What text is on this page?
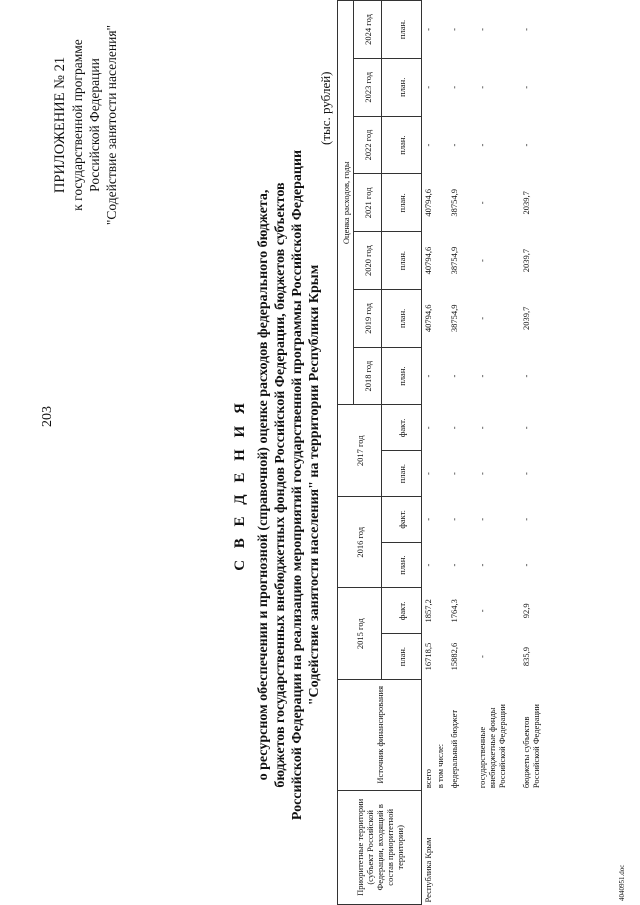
203
ПРИЛОЖЕНИЕ № 21 к государственной программе Российской Федерации "Содействие занятости населения"
С В Е Д Е Н И Я о ресурсном обеспечении и прогнозной (справочной) оценке расходов федерального бюджета, бюджетов государственных внебюджетных фондов Российской Федерации, бюджетов субъектов Российской Федерации на реализацию мероприятий государственной программы Российской Федерации "Содействие занятости населения" на территории Республики Крым
(тыс. рублей)
Приоритетные территории (субъект Российской Федерации, входящий в состав приоритетной территории)	Источник финансирования	2015 год		2016 год		2017 год		Оценка расходов, годы						
								2018 год	2019 год	2020 год	2021 год	2022 год	2023 год	2024 год
		план.	факт.	план.	факт.	план.	факт.	план.	план.	план.	план.	план.	план.	план.
Республика Крым	всего	16718,5	1857,2	-	-	-	-	-	40794,6	40794,6	40794,6	-	-	-
	в том числе:													
	федеральный бюджет	15882,6	1764,3	-	-	-	-	-	38754,9	38754,9	38754,9	-	-	-
	государственные внебюджетные фонды Российской Федерации	-	-	-	-	-	-	-	-	-	-	-	-	-
	бюджеты субъектов Российской Федерации	835,9	92,9	-	-	-	-	-	2039,7	2039,7	2039,7	-	-	-
4040951.doc
